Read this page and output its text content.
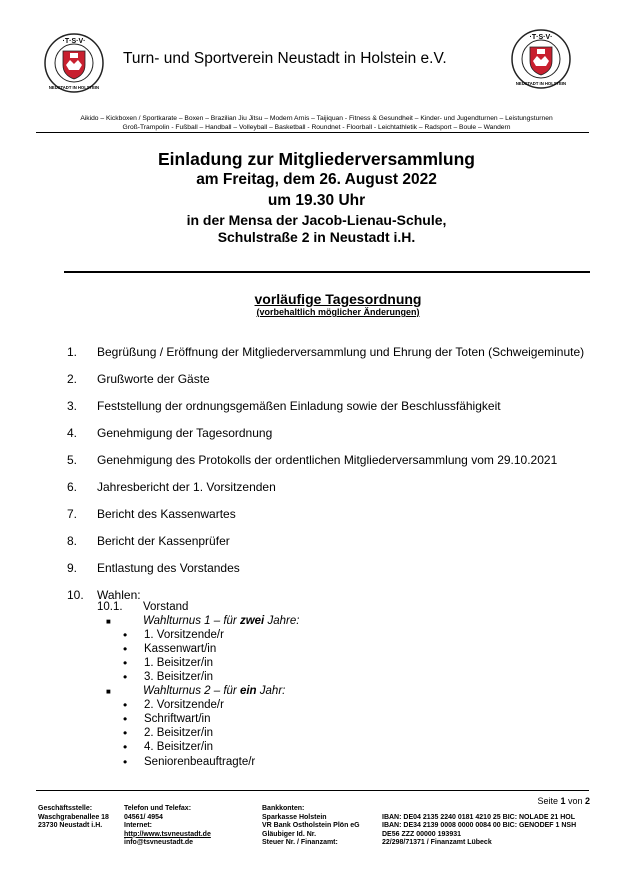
·T·S·V·
NEUSTADT IN HOLSTEIN
·T·S·V·
NEUSTADT IN HOLSTEIN
Turn- und Sportverein Neustadt in Holstein e.V.
Aikido – Kickboxen / Sportkarate – Boxen – Brazilian Jiu Jitsu – Modern Arnis – Taijiquan - Fitness & Gesundheit – Kinder- und Jugendturnen – Leistungsturnen
Groß-Trampolin - Fußball – Handball – Volleyball – Basketball - Roundnet - Floorball - Leichtathletik – Radsport – Boule – Wandern
Einladung zur Mitgliederversammlung
am Freitag, dem 26. August 2022
um 19.30 Uhr
in der Mensa der Jacob-Lienau-Schule,
Schulstraße 2 in Neustadt i.H.
vorläufige Tagesordnung
(vorbehaltlich möglicher Änderungen)
1. Begrüßung / Eröffnung der Mitgliederversammlung und Ehrung der Toten (Schweigeminute)
2. Grußworte der Gäste
3. Feststellung der ordnungsgemäßen Einladung sowie der Beschlussfähigkeit
4. Genehmigung der Tagesordnung
5. Genehmigung des Protokolls der ordentlichen Mitgliederversammlung vom 29.10.2021
6. Jahresbericht der 1. Vorsitzenden
7. Bericht des Kassenwartes
8. Bericht der Kassenprüfer
9. Entlastung des Vorstandes
10. Wahlen:
10.1. Vorstand
■	Wahlturnus 1 – für zwei Jahre:
• 1. Vorsitzende/r
• Kassenwart/in
• 1. Beisitzer/in
• 3. Beisitzer/in
■	Wahlturnus 2 – für ein Jahr:
• 2. Vorsitzende/r
• Schriftwart/in
• 2. Beisitzer/in
• 4. Beisitzer/in
• Seniorenbeauftragte/r
Seite 1 von 2
Geschäftsstelle:
Waschgrabenallee 18
23730 Neustadt i.H.
Telefon und Telefax:
04561/ 4954
Internet:
http://www.tsvneustadt.de
info@tsvneustadt.de
Bankkonten:
Sparkasse Holstein
VR Bank Ostholstein Plön eG
Gläubiger Id. Nr.
Steuer Nr. / Finanzamt:
IBAN: DE04 2135 2240 0181 4210 25 BIC: NOLADE 21 HOL
IBAN: DE34 2139 0008 0000 0084 00 BIC: GENODEF 1 NSH
DE56 ZZZ 00000 193931
22/298/71371 / Finanzamt Lübeck
